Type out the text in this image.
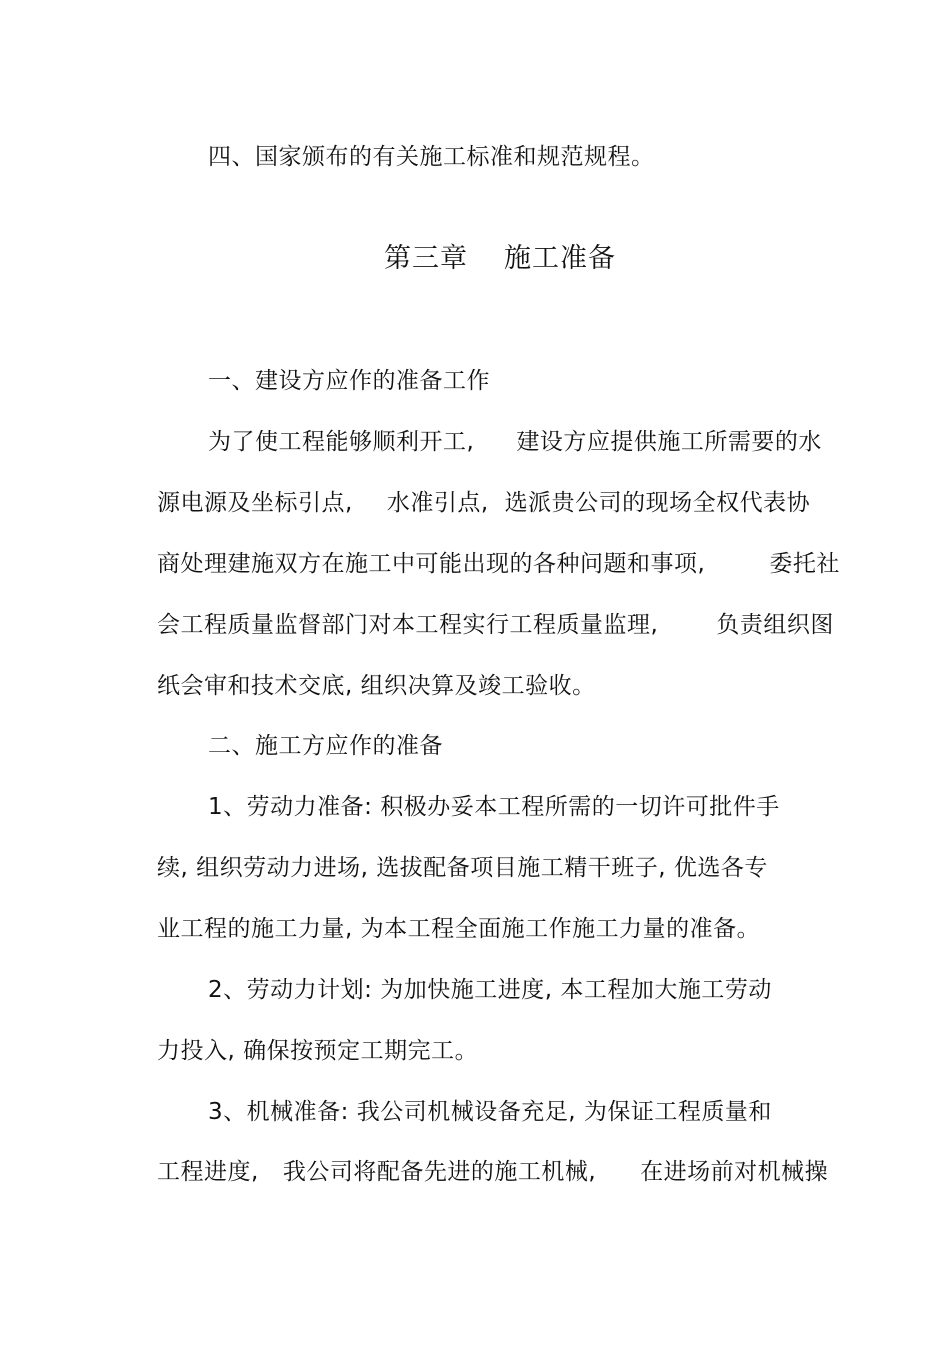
四、国家颁布的有关施工标准和规范规程。
第三章 施工准备
一、建设方应作的准备工作
为了使工程能够顺利开工, 建设方应提供施工所需要的水
源电源及坐标引点, 水准引点, 选派贵公司的现场全权代表协
商处理建施双方在施工中可能出现的各种问题和事项,	委托社
会工程质量监督部门对本工程实行工程质量监理,	负责组织图
纸会审和技术交底, 组织决算及竣工验收。
二、施工方应作的准备
1、劳动力准备: 积极办妥本工程所需的一切许可批件手
续, 组织劳动力进场, 选拔配备项目施工精干班子, 优选各专
业工程的施工力量, 为本工程全面施工作施工力量的准备。
2、劳动力计划: 为加快施工进度, 本工程加大施工劳动
力投入, 确保按预定工期完工。
3、机械准备: 我公司机械设备充足, 为保证工程质量和
工程进度, 我公司将配备先进的施工机械, 在进场前对机械操
